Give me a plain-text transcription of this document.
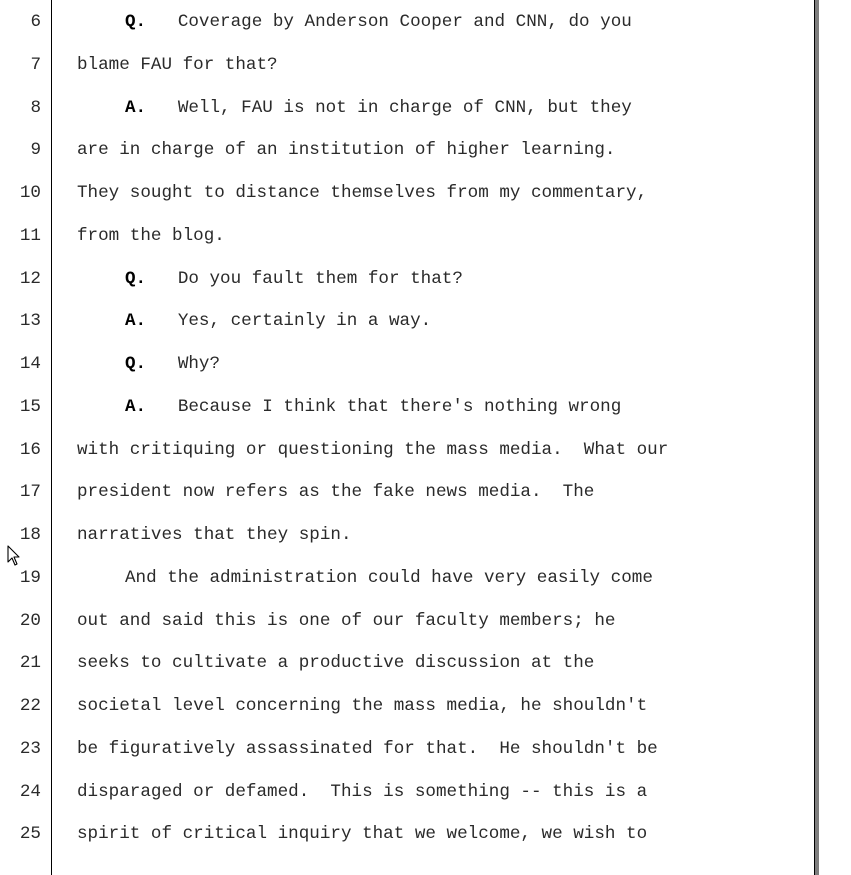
6	Q. Coverage by Anderson Cooper and CNN, do you
7 blame FAU for that?
8	A. Well, FAU is not in charge of CNN, but they
9 are in charge of an institution of higher learning.
10 They sought to distance themselves from my commentary,
11 from the blog.
12	Q. Do you fault them for that?
13	A. Yes, certainly in a way.
14	Q. Why?
15	A. Because I think that there's nothing wrong
16 with critiquing or questioning the mass media.  What our
17 president now refers as the fake news media.  The
18 narratives that they spin.
19	And the administration could have very easily come
20 out and said this is one of our faculty members; he
21 seeks to cultivate a productive discussion at the
22 societal level concerning the mass media, he shouldn't
23 be figuratively assassinated for that.  He shouldn't be
24 disparaged or defamed.  This is something -- this is a
25 spirit of critical inquiry that we welcome, we wish to
